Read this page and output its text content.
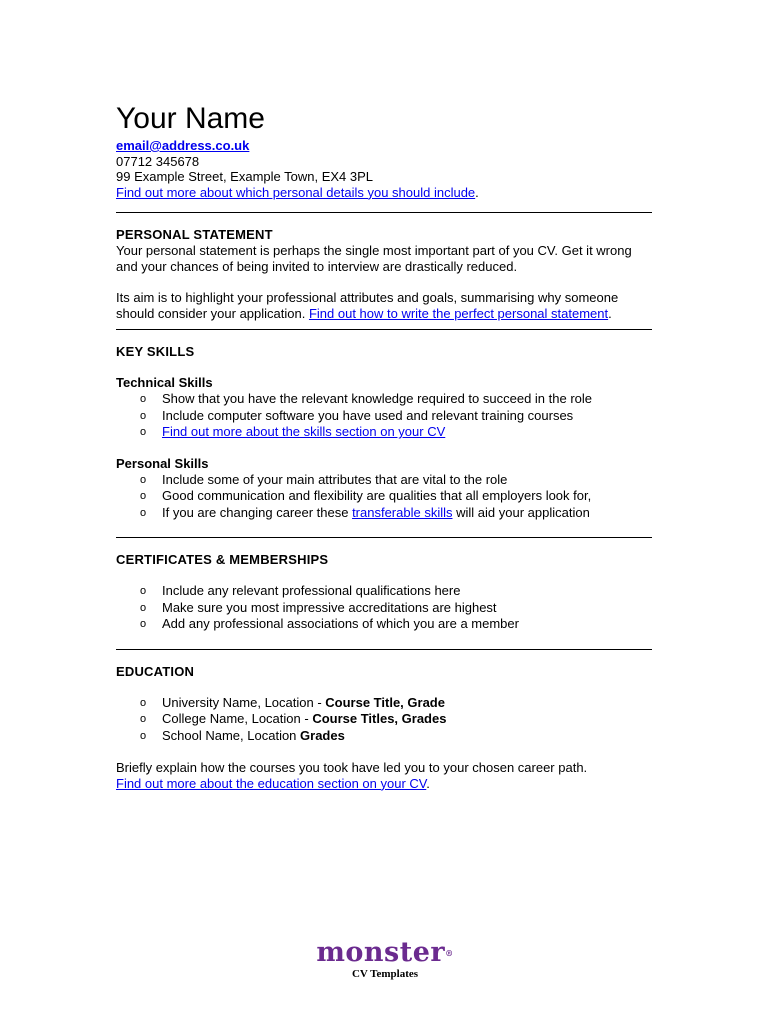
Your Name
email@address.co.uk
07712 345678
99 Example Street, Example Town, EX4 3PL
Find out more about which personal details you should include.
PERSONAL STATEMENT

Your personal statement is perhaps the single most important part of you CV. Get it wrong and your chances of being invited to interview are drastically reduced.

Its aim is to highlight your professional attributes and goals, summarising why someone should consider your application. Find out how to write the perfect personal statement.

KEY SKILLS
Technical Skills
o Show that you have the relevant knowledge required to succeed in the role
o Include computer software you have used and relevant training courses
o Find out more about the skills section on your CV
Personal Skills
o Include some of your main attributes that are vital to the role
o Good communication and flexibility are qualities that all employers look for,
o If you are changing career these transferable skills will aid your application
CERTIFICATES & MEMBERSHIPS
o Include any relevant professional qualifications here
o Make sure you most impressive accreditations are highest
o Add any professional associations of which you are a member
EDUCATION
o University Name, Location - Course Title, Grade
o College Name, Location - Course Titles, Grades
o School Name, Location Grades

Briefly explain how the courses you took have led you to your chosen career path.

Find out more about the education section on your CV.
monster®
CV Templates
